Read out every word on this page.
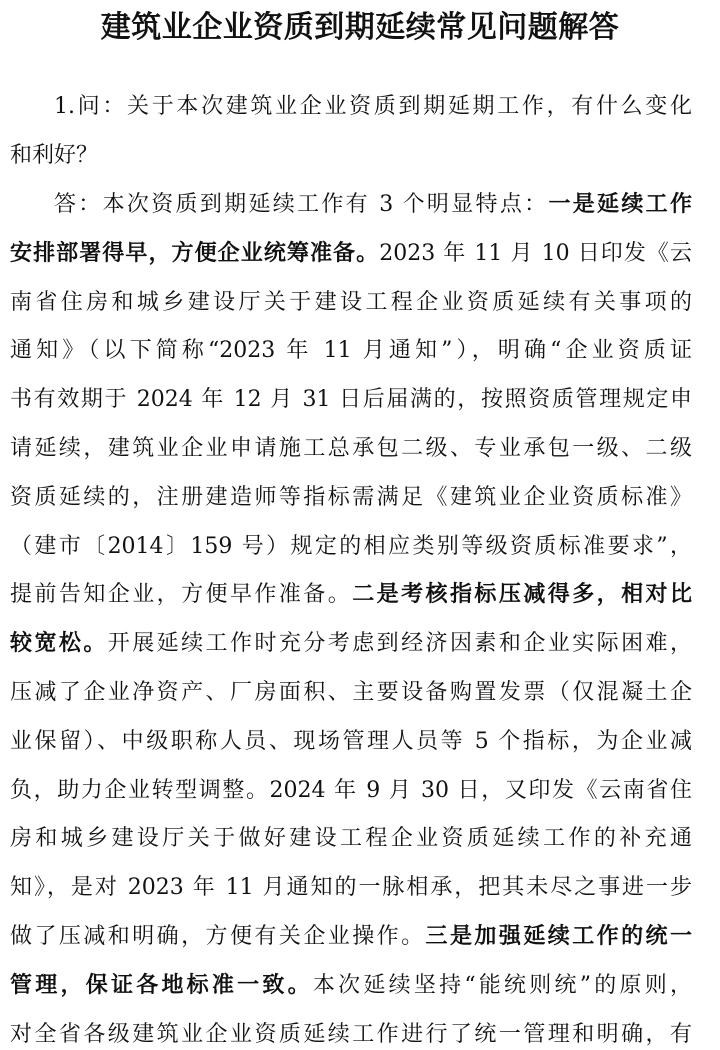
建筑业企业资质到期延续常见问题解答
1.问：关于本次建筑业企业资质到期延期工作，有什么变化
和利好？
答：本次资质到期延续工作有 3 个明显特点：一是延续工作
安排部署得早，方便企业统筹准备。2023 年 11 月 10 日印发《云
南省住房和城乡建设厅关于建设工程企业资质延续有关事项的
通知》（以下简称“2023 年 11 月通知”），明确“企业资质证
书有效期于 2024 年 12 月 31 日后届满的，按照资质管理规定申
请延续，建筑业企业申请施工总承包二级、专业承包一级、二级
资质延续的，注册建造师等指标需满足《建筑业企业资质标准》
（建市〔2014〕159 号）规定的相应类别等级资质标准要求”，
提前告知企业，方便早作准备。二是考核指标压减得多，相对比
较宽松。开展延续工作时充分考虑到经济因素和企业实际困难，
压减了企业净资产、厂房面积、主要设备购置发票（仅混凝土企
业保留）、中级职称人员、现场管理人员等 5 个指标，为企业减
负，助力企业转型调整。2024 年 9 月 30 日，又印发《云南省住
房和城乡建设厅关于做好建设工程企业资质延续工作的补充通
知》，是对 2023 年 11 月通知的一脉相承，把其未尽之事进一步
做了压减和明确，方便有关企业操作。三是加强延续工作的统一
管理，保证各地标准一致。本次延续坚持“能统则统”的原则，
对全省各级建筑业企业资质延续工作进行了统一管理和明确，有
